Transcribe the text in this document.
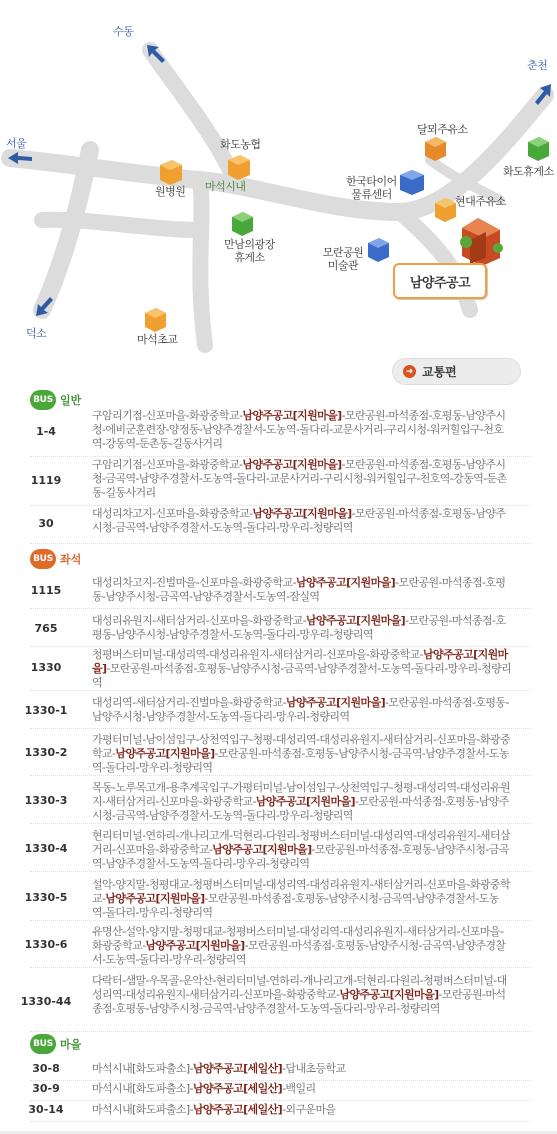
수동
춘천
서울
덕소
화도농협
원병원 마석시내
달뫼주유소
화도휴게소
한국타이어
물류센터
현대주유소
만남의광장
휴게소	모란공원
미술관
마석초교
남양주공고
➜ 교통편
BUS 일반
1-4
구암리기점-신포마을-화광중학교-남양주공고[지원마을]-모란공원-마석종점-호평동-남양주시청-에비군훈련장-양정동-남양주경찰서-도농역-돌다리-교문사거리-구리시청-워커힐입구-천호역-강동역-둔촌동-길동사거리
1119
구암리기점-신포마을-화광중학교-남양주공고[지원마을]-모란공원-마석종점-호평동-남양주시청-금곡역-남양주경찰서-도농역-돌다리-교문사거리-구리시청-워커힐입구-천호역-강동역-둔촌동-길동사거리
30
대성리차고지-신포마을-화광중학교-남양주공고[지원마을]-모란공원-마석종점-호평동-남양주시청-금곡역-남양주경찰서-도농역-돌다리-망우리-청량리역
BUS 좌석
1115
대성리차고지-진벌마을-신포마을-화광중학교-남양주공고[지원마을]-모란공원-마석종점-호평동-남양주시청-금곡역-남양주경찰서-도농역-잠실역
765
대성리유원지-새터삼거리-신포마을-화광중학교-남양주공고[지원마을]-모란공원-마석종점-호평동-남양주시청-남양주경찰서-도농역-돌다리-망우리-청량리역
1330
청평버스터미널-대성리역-대성리유원지-새터삼거리-신포마을-화광중학교-남양주공고[지원마을]-모란공원-마석종점-호평동-남양주시청-금곡역-남양주경찰서-도농역-돌다리-망우리-청량리역
1330-1
대성리역-새터삼거리-진벌마을-화광중학교-남양주공고[지원마을]-모란공원-마석종점-호평동-남양주시청-남양주경찰서-도농역-돌다리-망우리-청량리역
1330-2
가평터미널-남이섬입구-상천역입구-청평-대성리역-대성리유원지-새터삼거리-신포마을-화광중학교-남양주공고[지원마을]-모란공원-마석종점-호평동-남양주시청-금곡역-남양주경찰서-도농역-돌다리-망우리-청량리역
1330-3
목동-노루목고개-용추계곡입구-가평터미널-남이섬입구-상천역입구-청평-대성리역-대성리유원지-새터삼거리-신포마을-화광중학교-남양주공고[지원마을]-모란공원-마석종점-호평동-남양주시청-금곡역-남양주경찰서-도농역-돌다리-망우리-청량리역
1330-4
현리터미널-연하리-개나리고개-덕현리-다원리-청평버스터미널-대성리역-대성리유원지-새터삼거리-신포마을-화광중학교-남양주공고[지원마을]-모란공원-마석종점-호평동-남양주시청-금곡역-남양주경찰서-도농역-돌다리-망우리-청량리역
1330-5
설악-양지말-청평대교-청평버스터미널-대성리역-대성리유원지-새터삼거리-신포마을-화광중학교-남양주공고[지원마을]-모란공원-마석종점-호평동-남양주시청-금곡역-남양주경찰서-도농역-돌다리-망우리-청량리역
1330-6
유명산-설악-양지말-청평대교-청평버스터미널-대성리역-대성리유원지-새터삼거리-신포마을-화광중학교-남양주공고[지원마을]-모란공원-마석종점-호평동-남양주시청-금곡역-남양주경찰서-도농역-돌다리-망우리-청량리역
1330-44
다락터-샘말-우목골-운악산-현리터미널-연하리-개나리고개-덕현리-다원리-청평버스터미널-대성리역-대성리유원지-새터삼거리-신포마을-화광중학교-남양주공고[지원마을]-모란공원-마석종점-호평동-남양주시청-금곡역-남양주경찰서-도농역-돌다리-망우리-청량리역
BUS 마을
30-8	마석시내[화도파출소]-남양주공고[세일산]-답내초등학교
30-9	마석시내[화도파출소]-남양주공고[세일산]-백일리
30-14	마석시내[화도파출소]-남양주공고[세일산]-외구운마을
